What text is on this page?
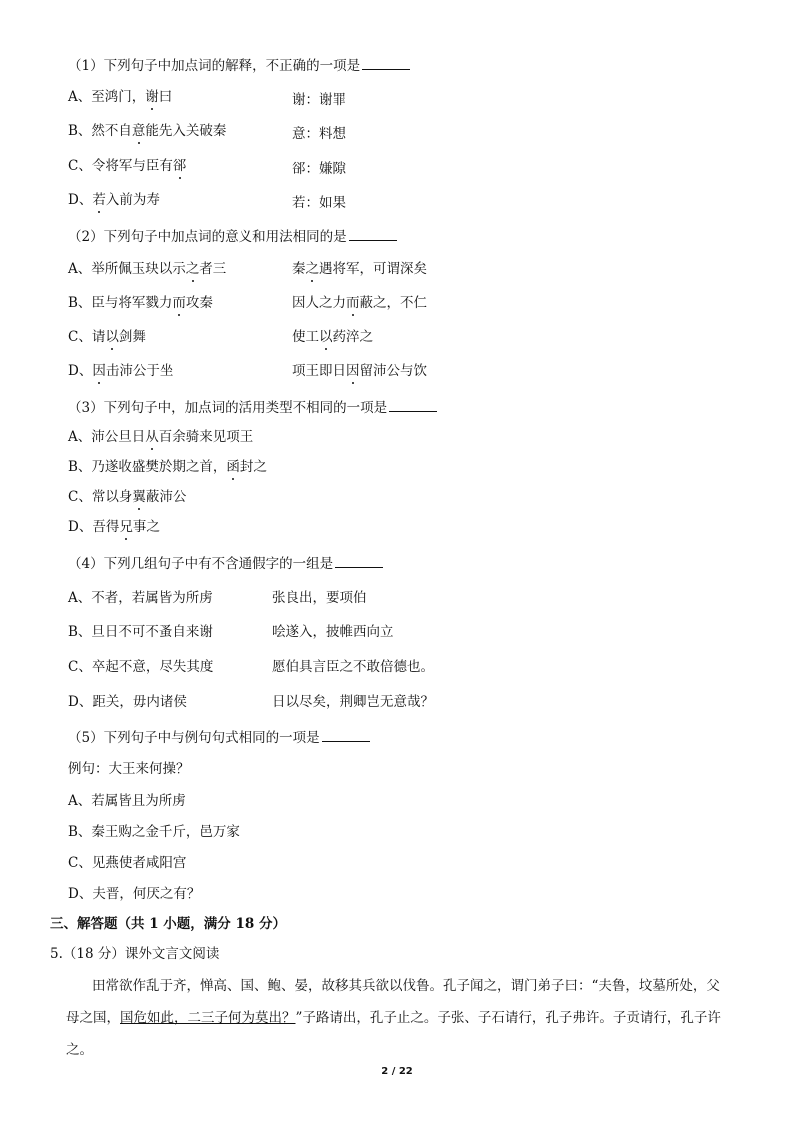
（1）下列句子中加点词的解释，不正确的一项是
A、至鸿门，谢曰	谢：谢罪
B、然不自意能先入关破秦	意：料想
C、令将军与臣有郤	郤：嫌隙
D、若入前为寿	若：如果
（2）下列句子中加点词的意义和用法相同的是
A、举所佩玉玦以示之者三	秦之遇将军，可谓深矣
B、臣与将军戮力而攻秦	因人之力而蔽之，不仁
C、请以剑舞	使工以药淬之
D、因击沛公于坐	项王即日因留沛公与饮
（3）下列句子中，加点词的活用类型不相同的一项是
A、沛公旦日从百余骑来见项王
B、乃遂收盛樊於期之首，函封之
C、常以身翼蔽沛公
D、吾得兄事之
（4）下列几组句子中有不含通假字的一组是
A、不者，若属皆为所虏	张良出，要项伯
B、旦日不可不蚤自来谢	哙遂入，披帷西向立
C、卒起不意，尽失其度	愿伯具言臣之不敢倍德也。
D、距关，毋内诸侯	日以尽矣，荆卿岂无意哉？
（5）下列句子中与例句句式相同的一项是
例句：大王来何操？
A、若属皆且为所虏
B、秦王购之金千斤，邑万家
C、见燕使者咸阳宫
D、夫晋，何厌之有？
三、解答题（共 1 小题，满分 18 分）
5.（18 分）课外文言文阅读
田常欲作乱于齐，惮高、国、鲍、晏，故移其兵欲以伐鲁。孔子闻之，谓门弟子曰：“夫鲁，坟墓所处，父
母之国，国危如此，二三子何为莫出？”子路请出，孔子止之。子张、子石请行，孔子弗许。子贡请行，孔子许
之。
2 / 22
